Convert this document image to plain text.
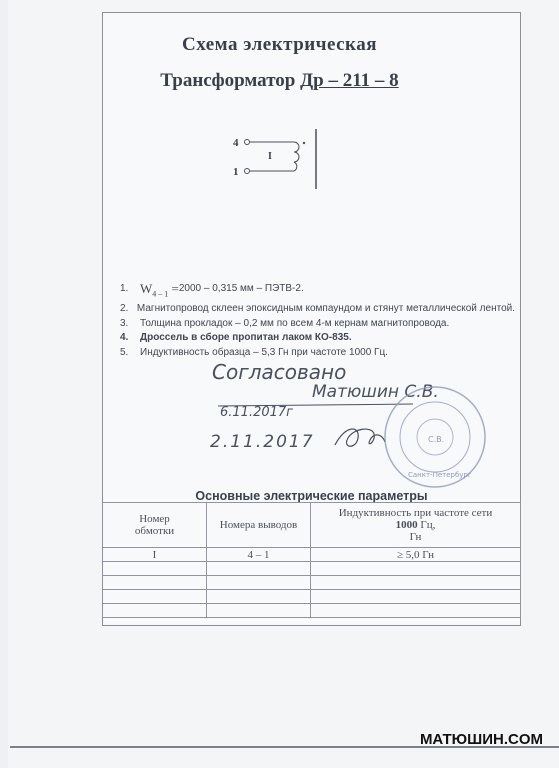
Схема электрическая
Трансформатор Др – 211 – 8
4
1
I
1. $W_{4 - 1} = 2000 - 0,315$ мм – ПЭТВ-2.
2. Магнитопровод склеен эпоксидным компаундом и стянут металлической лентой.
3.	Толщина прокладок – 0,2 мм по всем 4-м кернам магнитопровода.
4.	Дроссель в сборе пропитан лаком КО-835.
5.	Индуктивность образца – 5,3 Гн при частоте 1000 Гц.
Согласовано
Матюшин С.В.
6.11.2017г
2.11.2017	С.В.
Санкт-Петербург
Основные электрические параметры
Номер
обмотки	Номера выводов	Индуктивность при частоте сети
1000 Гц,
Гн

I	4 – 1	≥ 5,0 Гн

МАТЮШИН.COM
